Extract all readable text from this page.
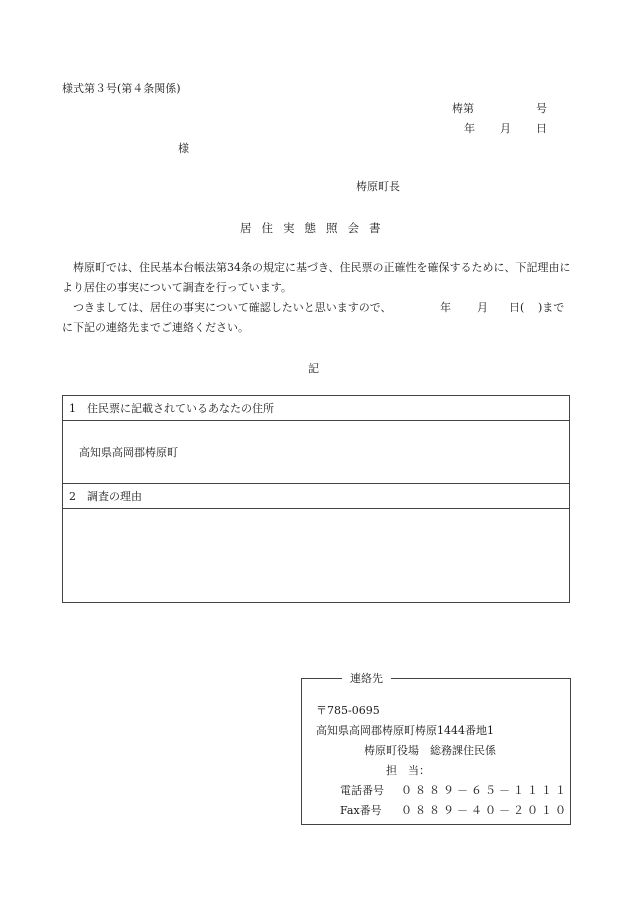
様式第３号(第４条関係)
梼第	号
年 月 日
様
梼原町長
居住実態照会書
梼原町では、住民基本台帳法第34条の規定に基づき、住民票の正確性を確保するために、下記理由により居住の事実について調査を行っています。
つきましては、居住の事実について確認したいと思いますので、	年 月 日( )まで
に下記の連絡先までご連絡ください。
記
1　住民票に記載されているあなたの住所
高知県高岡郡梼原町
2　調査の理由

連絡先
〒785-0695
高知県高岡郡梼原町梼原1444番地1
梼原町役場　総務課住民係
担　当：
電話番号 ０８８９－６５－１１１１
Fax番号 ０８８９－４０－２０１０
